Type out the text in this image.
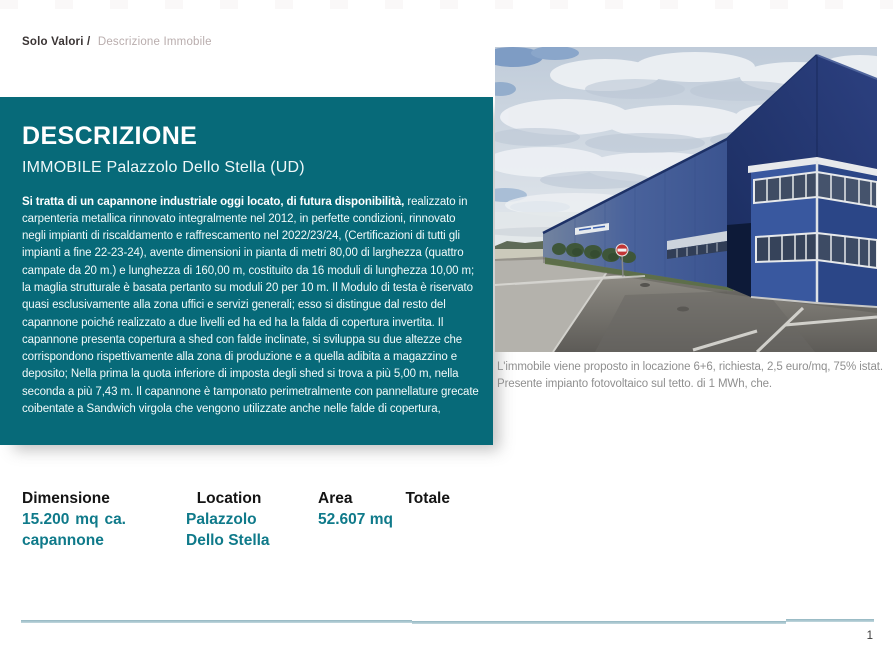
Solo Valori / Descrizione Immobile
DESCRIZIONE
IMMOBILE Palazzolo Dello Stella (UD)

Si tratta di un capannone industriale oggi locato, di futura disponibilità, realizzato in carpenteria metallica rinnovato integralmente nel 2012, in perfette condizioni, rinnovato negli impianti di riscaldamento e raffrescamento nel 2022/23/24, (Certificazioni di tutti gli impianti a fine 22-23-24), avente dimensioni in pianta di metri 80,00 di larghezza (quattro campate da 20 m.) e lunghezza di 160,00 m, costituito da 16 moduli di lunghezza 10,00 m; la maglia strutturale è basata pertanto su moduli 20 per 10 m. Il Modulo di testa è riservato quasi esclusivamente alla zona uffici e servizi generali; esso si distingue dal resto del capannone poiché realizzato a due livelli ed ha ed ha la falda di copertura invertita. Il capannone presenta copertura a shed con falde inclinate, si sviluppa su due altezze che corrispondono rispettivamente alla zona di produzione e a quella adibita a magazzino e deposito; Nella prima la quota inferiore di imposta degli shed si trova a più 5,00 m, nella seconda a più 7,43 m. Il capannone è tamponato perimetralmente con pannellature grecate coibentate a Sandwich virgola che vengono utilizzate anche nelle falde di copertura,

L'immobile viene proposto in locazione 6+6, richiesta, 2,5 euro/mq, 75% istat. Presente impianto fotovoltaico sul tetto. di 1 MWh, che.
Dimensione
15.200 mq ca. capannone
Location
Palazzolo Dello Stella
Area Totale
52.607 mq
1
